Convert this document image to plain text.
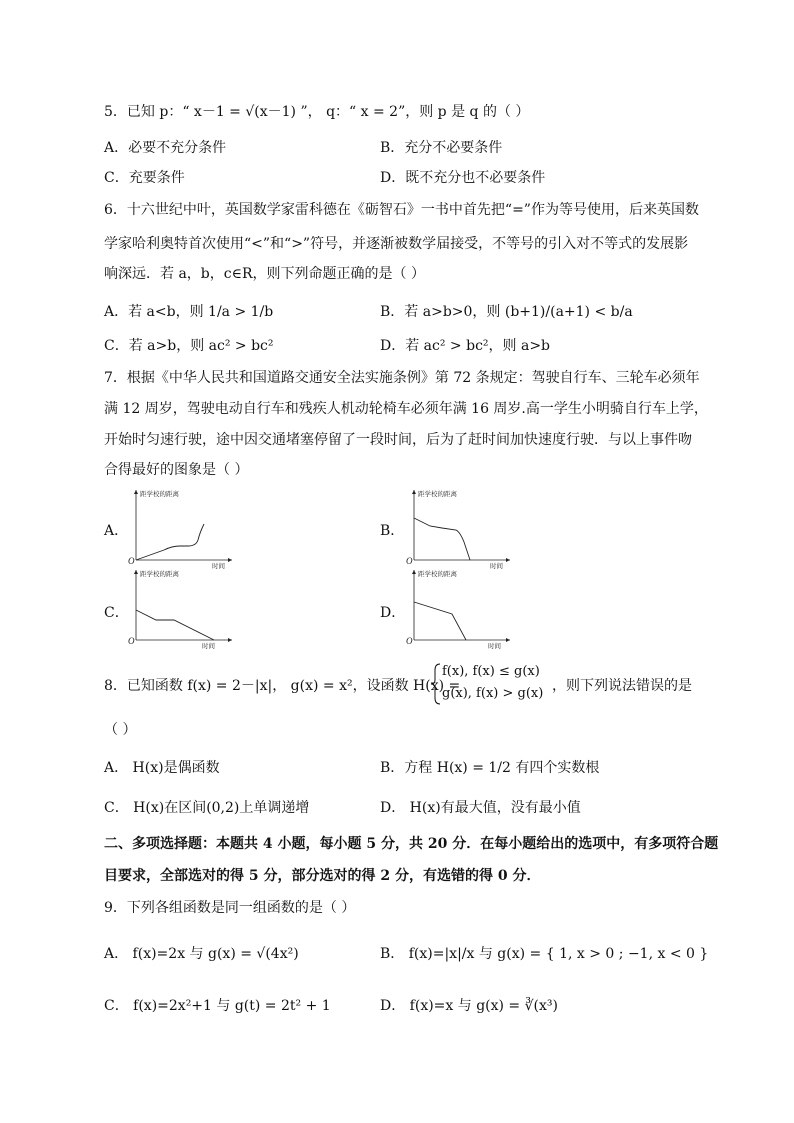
5．已知 p：“ x－1 = √(x－1) ”， q：“ x = 2”，则 p 是 q 的（ ）
A．必要不充分条件	B．充分不必要条件
C．充要条件	D．既不充分也不必要条件
6．十六世纪中叶，英国数学家雷科德在《砺智石》一书中首先把“=”作为等号使用，后来英国数
学家哈利奥特首次使用“<”和“>”符号，并逐渐被数学届接受，不等号的引入对不等式的发展影
响深远．若 a，b，c∈R，则下列命题正确的是（ ）
A．若 a<b，则 1/a > 1/b	B．若 a>b>0，则 (b+1)/(a+1) < b/a
C．若 a>b，则 ac² > bc²	D．若 ac² > bc²，则 a>b
7．根据《中华人民共和国道路交通安全法实施条例》第 72 条规定：驾驶自行车、三轮车必须年
满 12 周岁，驾驶电动自行车和残疾人机动轮椅车必须年满 16 周岁.高一学生小明骑自行车上学，
开始时匀速行驶，途中因交通堵塞停留了一段时间，后为了赶时间加快速度行驶．与以上事件吻
合得最好的图象是（ ）
A．
距学校的距离
时间
O
B．
距学校的距离
时间
O
C．
距学校的距离
时间
O
D．
距学校的距离
时间
O
8．已知函数 f(x) = 2－|x|， g(x) = x²，设函数 H(x) =
f(x), f(x) ≤ g(x)
g(x), f(x) > g(x) ，则下列说法错误的是
（ ）
A． H(x)是偶函数	B．方程 H(x) = 1/2 有四个实数根
C． H(x)在区间(0,2)上单调递增	D． H(x)有最大值，没有最小值
二、多项选择题：本题共 4 小题，每小题 5 分，共 20 分．在每小题给出的选项中，有多项符合题
目要求，全部选对的得 5 分，部分选对的得 2 分，有选错的得 0 分．
9．下列各组函数是同一组函数的是（ ）
A． f(x)=2x 与 g(x) = √(4x²)	B． f(x)=|x|/x 与 g(x) = { 1, x > 0 ; −1, x < 0 }
C． f(x)=2x²+1 与 g(t) = 2t² + 1	D． f(x)=x 与 g(x) = ∛(x³)
